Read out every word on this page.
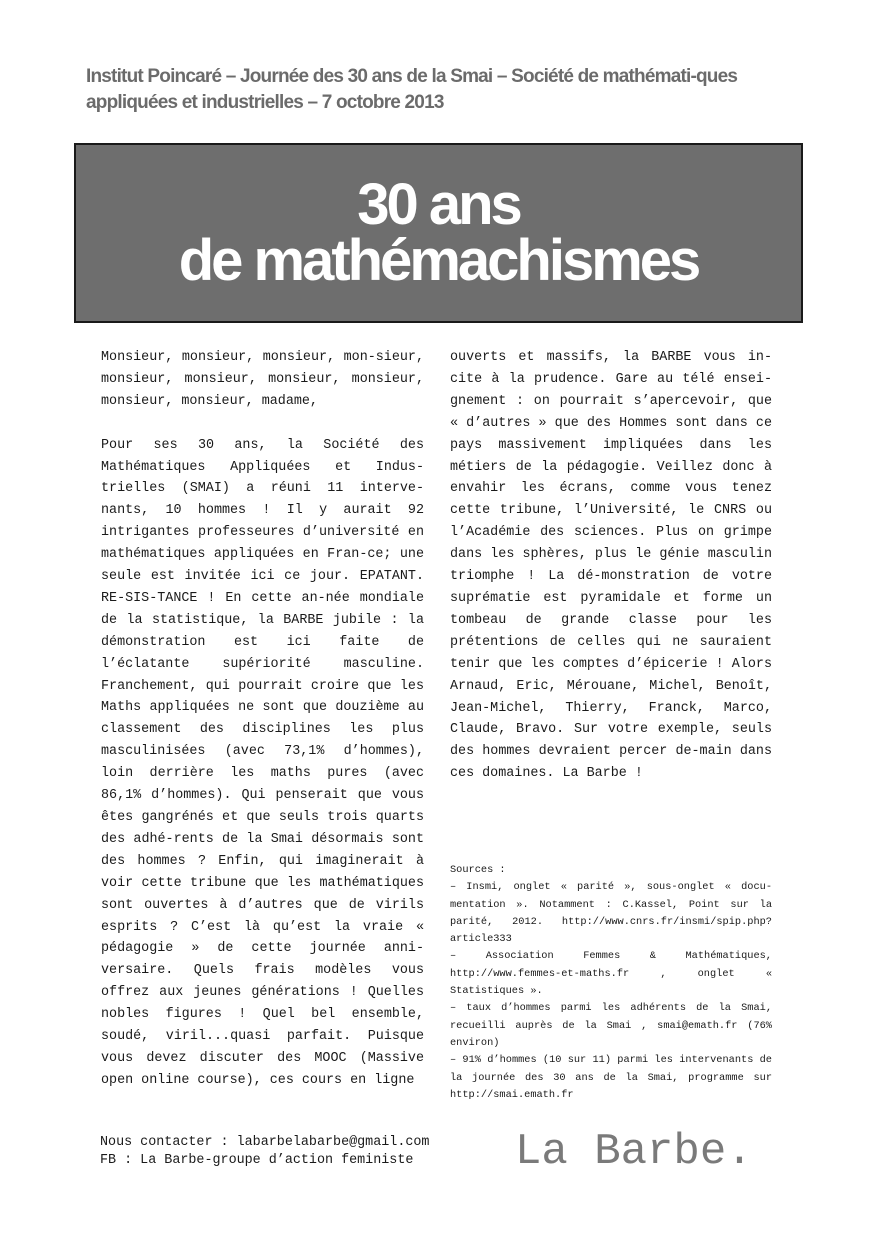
Institut Poincaré – Journée des 30 ans de la Smai – Société de mathémati-ques appliquées et industrielles – 7 octobre 2013
30 ans
de mathémachismes

Monsieur, monsieur, monsieur, mon-sieur, monsieur, monsieur, monsieur, monsieur, monsieur, monsieur, madame,

Pour ses 30 ans, la Société des Mathématiques Appliquées et Indus-trielles (SMAI) a réuni 11 interve-nants, 10 hommes ! Il y aurait 92 intrigantes professeures d’université en mathématiques appliquées en Fran-ce; une seule est invitée ici ce jour. EPATANT. RE-SIS-TANCE ! En cette an-née mondiale de la statistique, la BARBE jubile : la démonstration est ici faite de l’éclatante supériorité masculine. Franchement, qui pourrait croire que les Maths appliquées ne sont que douzième au classement des disciplines les plus masculinisées (avec 73,1% d’hommes), loin derrière les maths pures (avec 86,1% d’hommes). Qui penserait que vous êtes gangrénés et que seuls trois quarts des adhé-rents de la Smai désormais sont des hommes ? Enfin, qui imaginerait à voir cette tribune que les mathématiques sont ouvertes à d’autres que de virils esprits ? C’est là qu’est la vraie « pédagogie » de cette journée anni-versaire. Quels frais modèles vous offrez aux jeunes générations ! Quelles nobles figures ! Quel bel ensemble, soudé, viril...quasi parfait. Puisque vous devez discuter des MOOC (Massive open online course), ces cours en ligne

ouverts et massifs, la BARBE vous in-cite à la prudence. Gare au télé ensei-gnement : on pourrait s’apercevoir, que « d’autres » que des Hommes sont dans ce pays massivement impliquées dans les métiers de la pédagogie. Veillez donc à envahir les écrans, comme vous tenez cette tribune, l’Université, le CNRS ou l’Académie des sciences. Plus on grimpe dans les sphères, plus le génie masculin triomphe ! La dé-monstration de votre suprématie est pyramidale et forme un tombeau de grande classe pour les prétentions de celles qui ne sauraient tenir que les comptes d’épicerie ! Alors Arnaud, Eric, Mérouane, Michel, Benoît, Jean-Michel, Thierry, Franck, Marco, Claude, Bravo. Sur votre exemple, seuls des hommes devraient percer de-main dans ces domaines. La Barbe !

Sources :
– Insmi, onglet « parité », sous-onglet « docu-mentation ». Notamment : C.Kassel, Point sur la parité, 2012. http://www.cnrs.fr/insmi/spip.php?article333
– Association Femmes & Mathématiques, http://www.femmes-et-maths.fr , onglet « Statistiques ».
– taux d’hommes parmi les adhérents de la Smai, recueilli auprès de la Smai , smai@emath.fr (76% environ)
– 91% d’hommes (10 sur 11) parmi les intervenants de la journée des 30 ans de la Smai, programme sur http://smai.emath.fr
Nous contacter : labarbelabarbe@gmail.com
FB : La Barbe-groupe d’action feministe	La Barbe.
